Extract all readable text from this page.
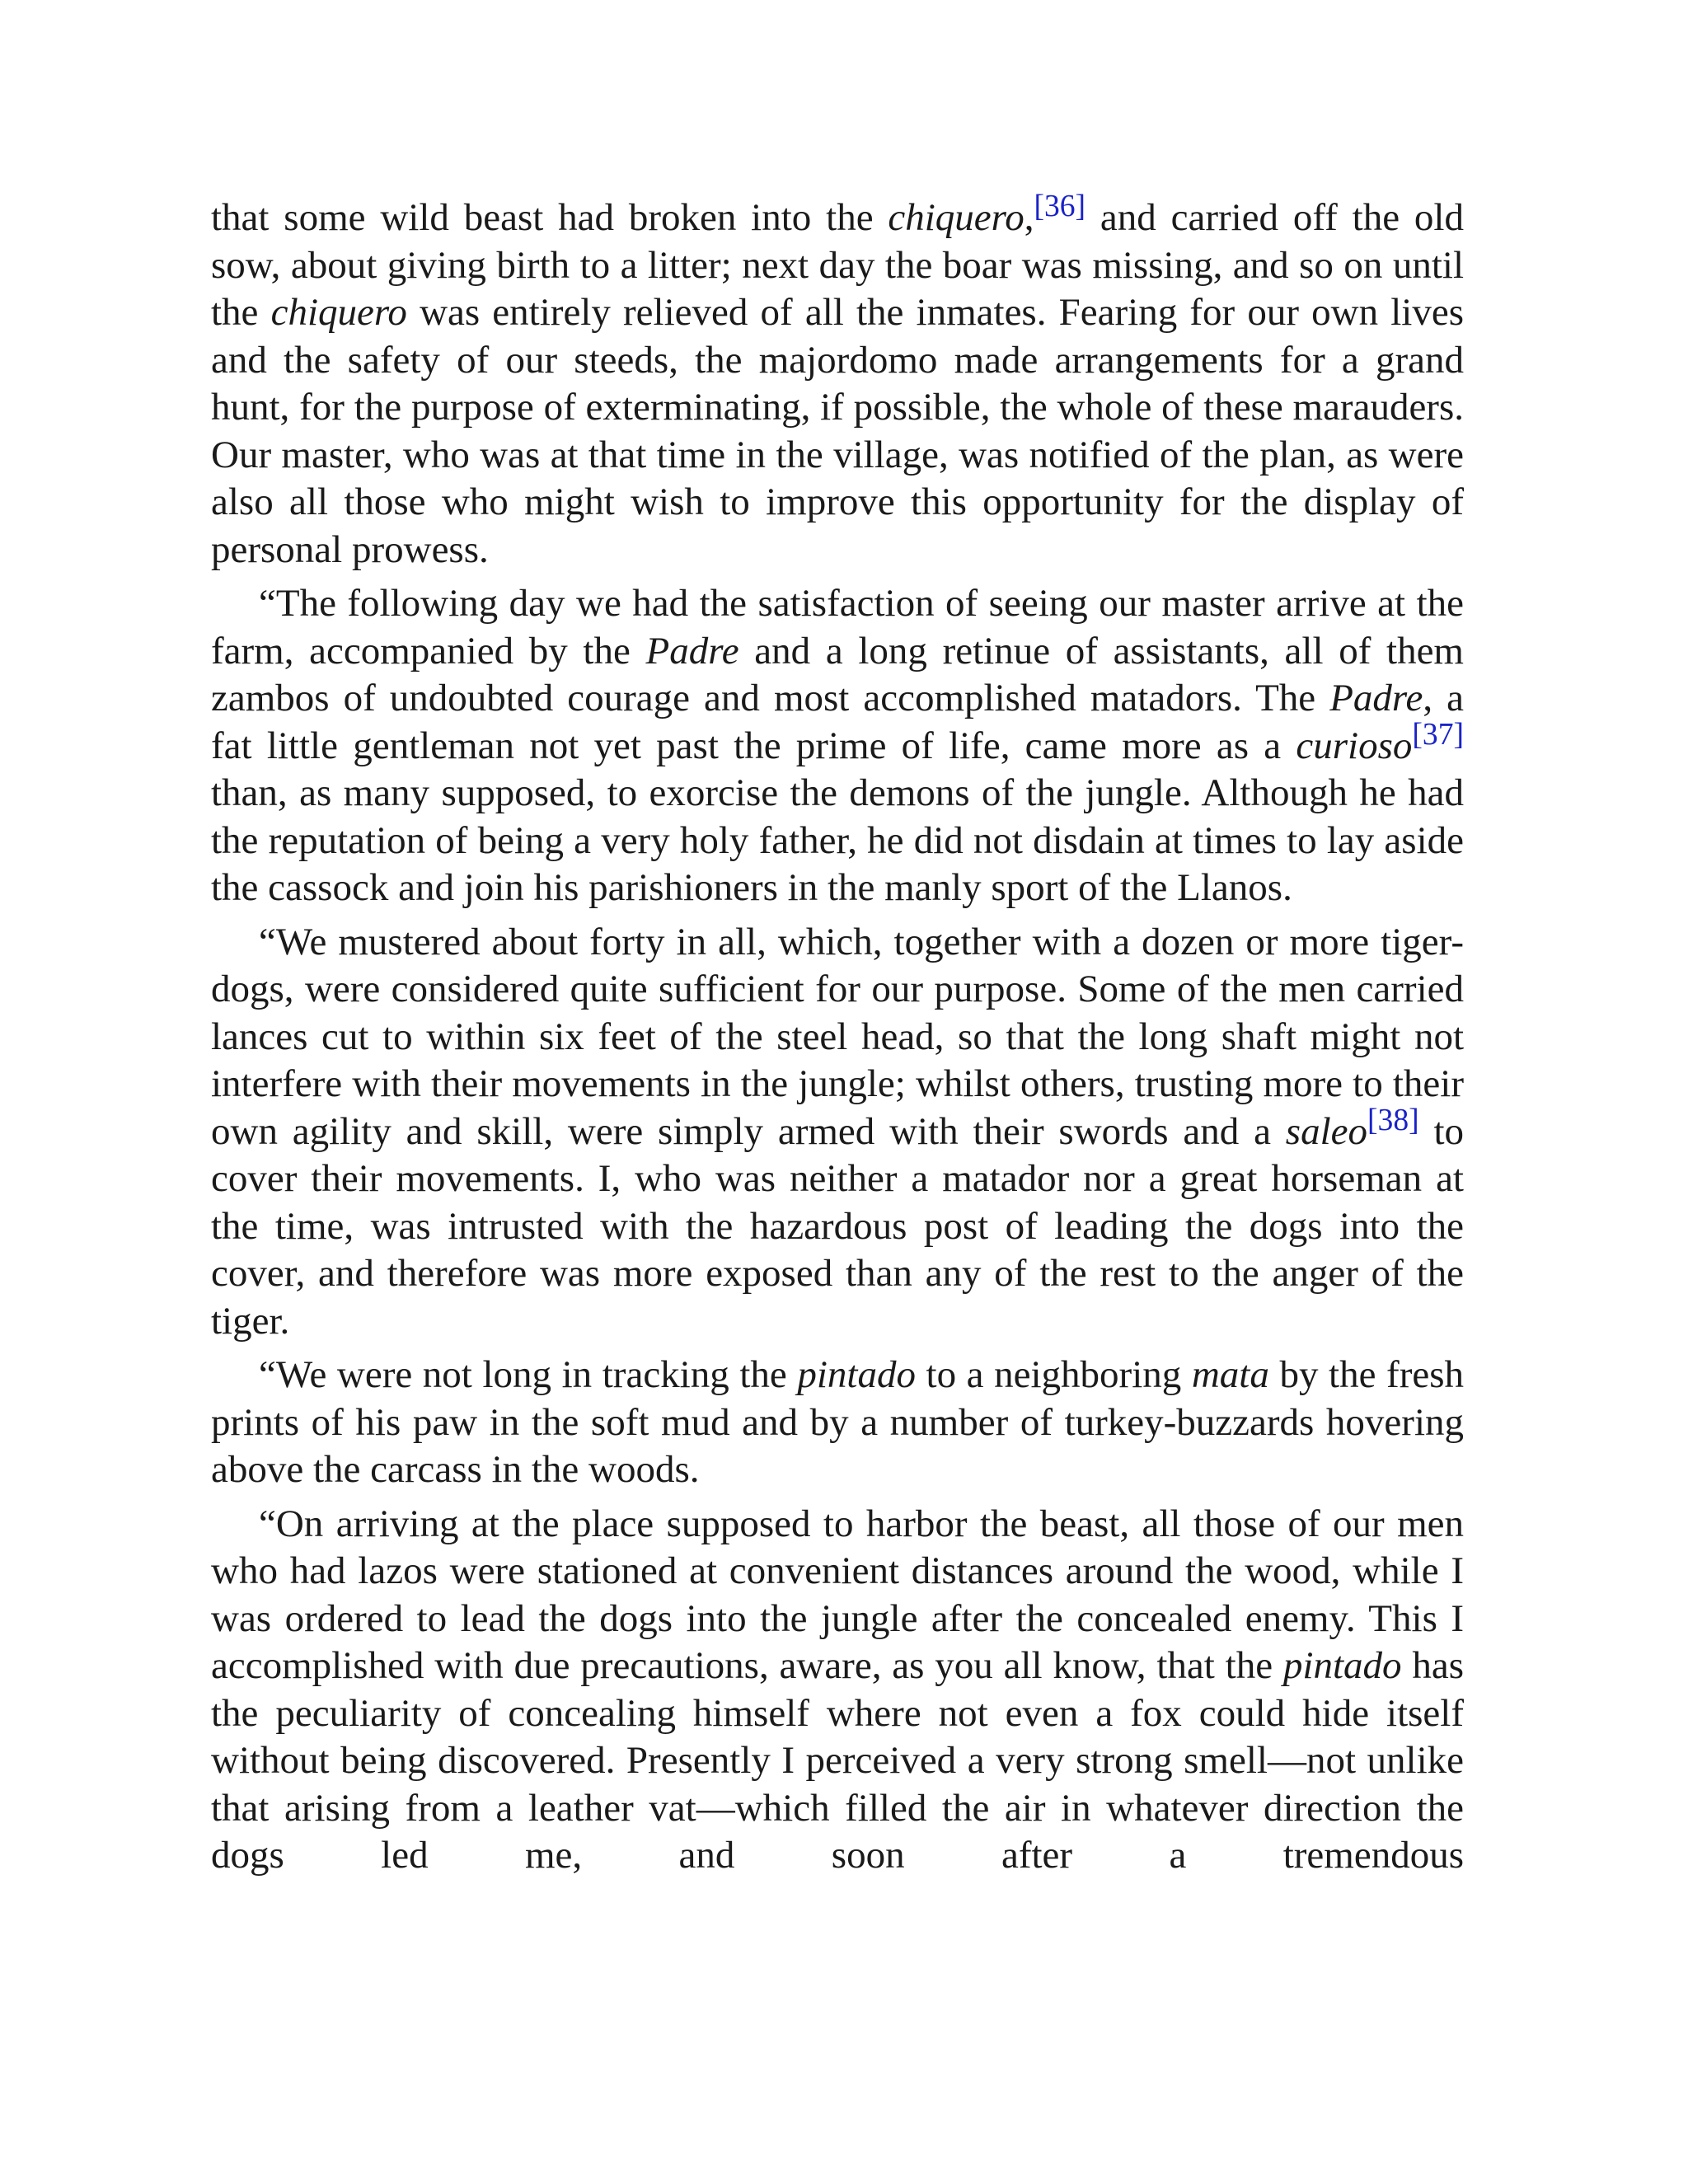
that some wild beast had broken into the chiquero,[36] and carried off the old sow, about giving birth to a litter; next day the boar was missing, and so on until the chiquero was entirely relieved of all the inmates. Fearing for our own lives and the safety of our steeds, the majordomo made arrangements for a grand hunt, for the purpose of exterminating, if possible, the whole of these marauders. Our master, who was at that time in the village, was notified of the plan, as were also all those who might wish to improve this opportunity for the display of personal prowess.

“The following day we had the satisfaction of seeing our master arrive at the farm, accompanied by the Padre and a long retinue of assistants, all of them zambos of undoubted courage and most accomplished matadors. The Padre, a fat little gentleman not yet past the prime of life, came more as a curioso[37] than, as many supposed, to exorcise the demons of the jungle. Although he had the reputation of being a very holy father, he did not disdain at times to lay aside the cassock and join his parishioners in the manly sport of the Llanos.

“We mustered about forty in all, which, together with a dozen or more tiger-dogs, were considered quite sufficient for our purpose. Some of the men carried lances cut to within six feet of the steel head, so that the long shaft might not interfere with their movements in the jungle; whilst others, trusting more to their own agility and skill, were simply armed with their swords and a saleo[38] to cover their movements. I, who was neither a matador nor a great horseman at the time, was intrusted with the hazardous post of leading the dogs into the cover, and therefore was more exposed than any of the rest to the anger of the tiger.

“We were not long in tracking the pintado to a neighboring mata by the fresh prints of his paw in the soft mud and by a number of turkey-buzzards hovering above the carcass in the woods.

“On arriving at the place supposed to harbor the beast, all those of our men who had lazos were stationed at convenient distances around the wood, while I was ordered to lead the dogs into the jungle after the concealed enemy. This I accomplished with due precautions, aware, as you all know, that the pintado has the peculiarity of concealing himself where not even a fox could hide itself without being discovered. Presently I perceived a very strong smell—not unlike that arising from a leather vat—which filled the air in whatever direction the dogs led me, and soon after a tremendous
